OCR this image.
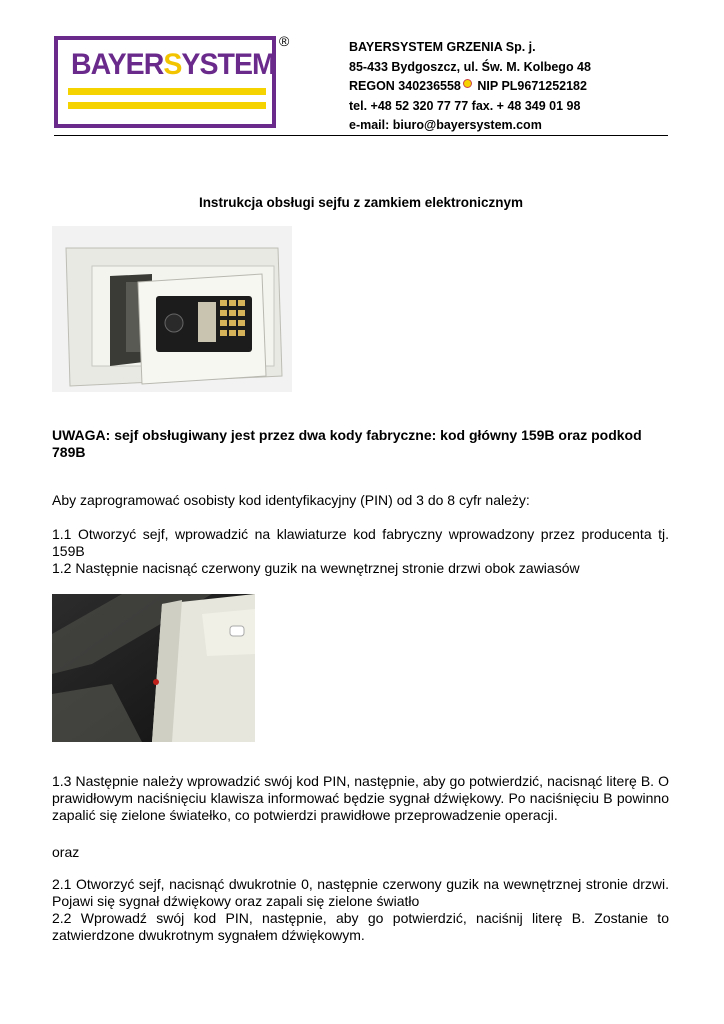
BAYERSYSTEM
®	BAYERSYSTEM GRZENIA Sp. j.
85-433 Bydgoszcz, ul. Św. M. Kolbego 48
REGON 340236558 NIP PL9671252182
tel. +48 52 320 77 77 fax. + 48 349 01 98
e-mail: biuro@bayersystem.com
Instrukcja obsługi sejfu z zamkiem elektronicznym
UWAGA: sejf obsługiwany jest przez dwa kody fabryczne: kod główny 159B oraz podkod 789B
Aby zaprogramować osobisty kod identyfikacyjny (PIN) od 3 do 8 cyfr należy:
1.1 Otworzyć sejf, wprowadzić na klawiaturze kod fabryczny wprowadzony przez producenta tj. 159B
1.2 Następnie nacisnąć czerwony guzik na wewnętrznej stronie drzwi obok zawiasów
1.3 Następnie należy wprowadzić swój kod PIN, następnie, aby go potwierdzić, nacisnąć literę B. O prawidłowym naciśnięciu klawisza informować będzie sygnał dźwiękowy. Po naciśnięciu B powinno zapalić się zielone światełko, co potwierdzi prawidłowe przeprowadzenie operacji.
oraz
2.1 Otworzyć sejf, nacisnąć dwukrotnie 0, następnie czerwony guzik na wewnętrznej stronie drzwi. Pojawi się sygnał dźwiękowy oraz zapali się zielone światło
2.2 Wprowadź swój kod PIN, następnie, aby go potwierdzić, naciśnij literę B. Zostanie to zatwierdzone dwukrotnym sygnałem dźwiękowym.
